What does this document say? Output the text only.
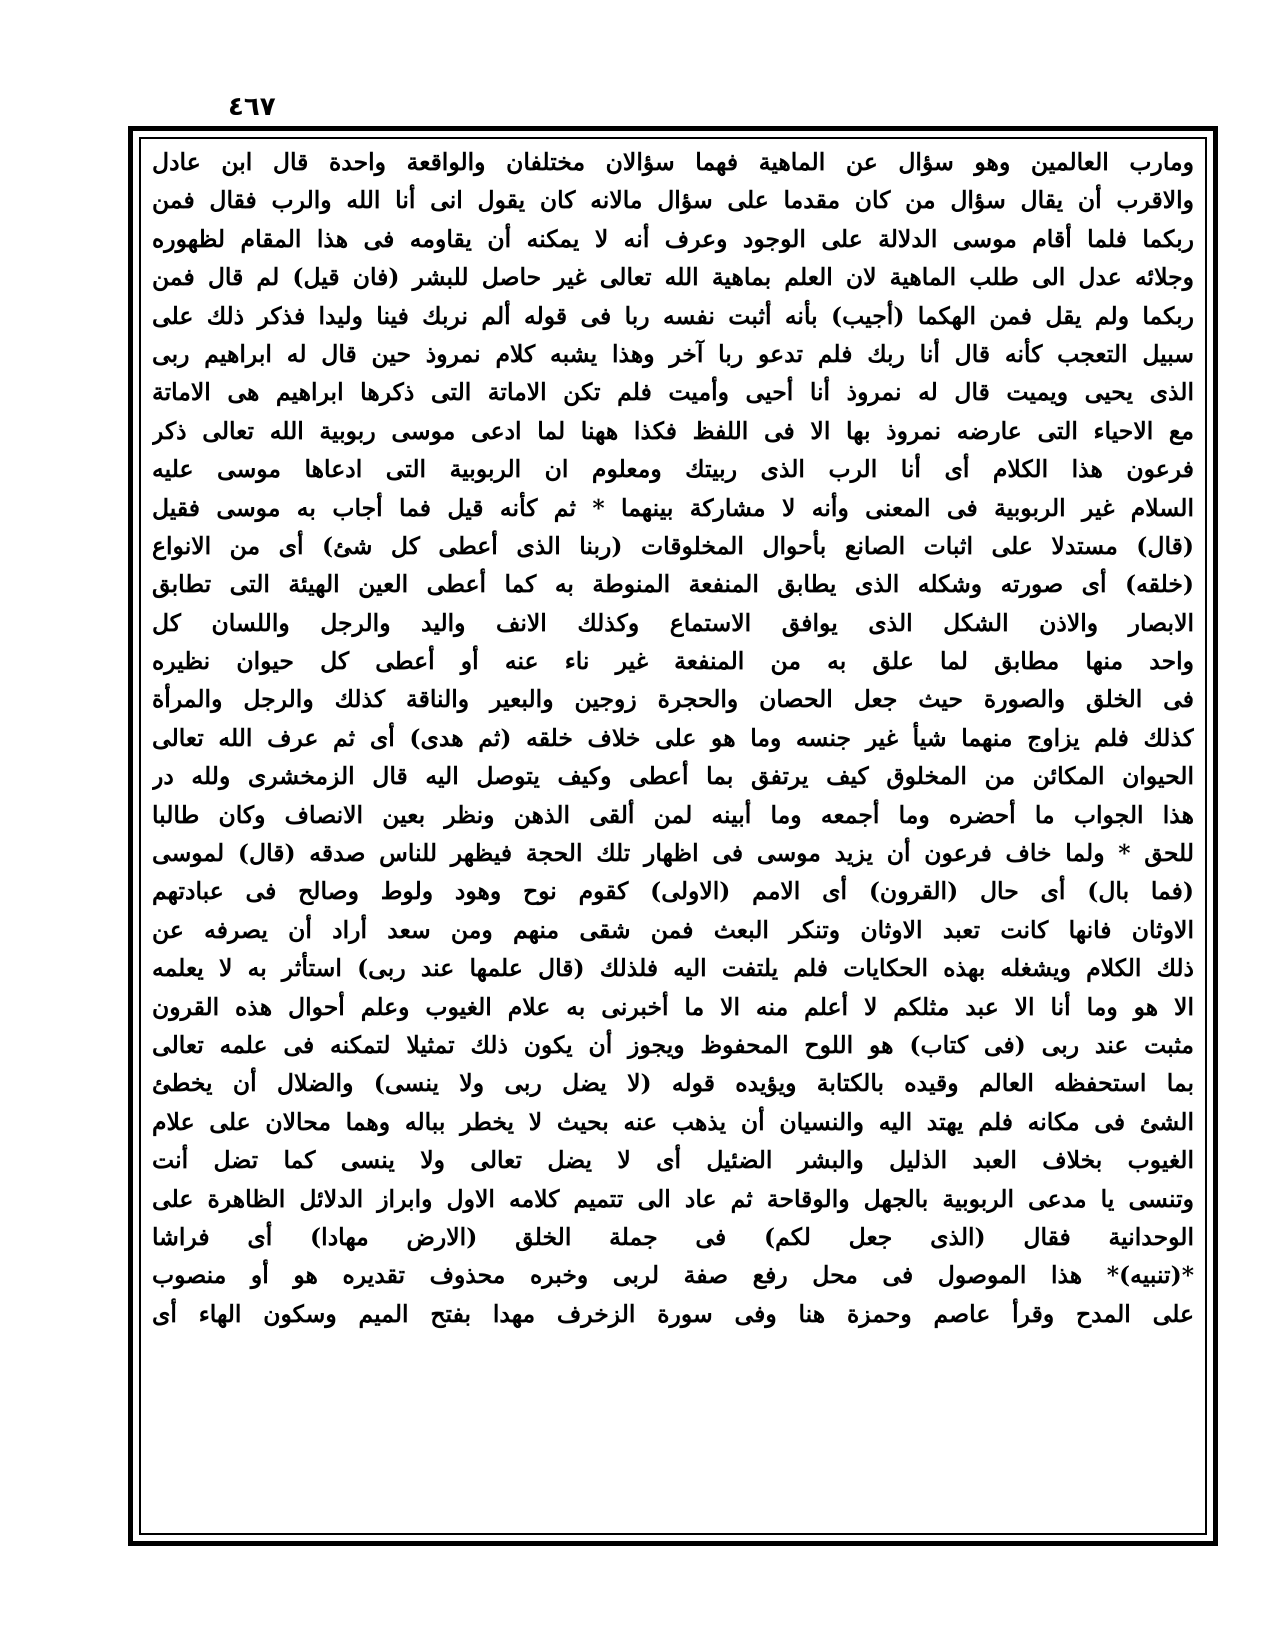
٤٦٧
ومارب العالمين وهو سؤال عن الماهية فهما سؤالان مختلفان والواقعة واحدة قال ابن عادل
والاقرب أن يقال سؤال من كان مقدما على سؤال مالانه كان يقول انى أنا الله والرب فقال فمن
ربكما فلما أقام موسى الدلالة على الوجود وعرف أنه لا يمكنه أن يقاومه فى هذا المقام لظهوره
وجلائه عدل الى طلب الماهية لان العلم بماهية الله تعالى غير حاصل للبشر (فان قيل) لم قال فمن
ربكما ولم يقل فمن الهكما (أجيب) بأنه أثبت نفسه ربا فى قوله ألم نربك فينا وليدا فذكر ذلك على
سبيل التعجب كأنه قال أنا ربك فلم تدعو ربا آخر وهذا يشبه كلام نمروذ حين قال له ابراهيم ربى
الذى يحيى ويميت قال له نمروذ أنا أحيى وأميت فلم تكن الاماتة التى ذكرها ابراهيم هى الاماتة
مع الاحياء التى عارضه نمروذ بها الا فى اللفظ فكذا ههنا لما ادعى موسى ربوبية الله تعالى ذكر
فرعون هذا الكلام أى أنا الرب الذى ربيتك ومعلوم ان الربوبية التى ادعاها موسى عليه
السلام غير الربوبية فى المعنى وأنه لا مشاركة بينهما * ثم كأنه قيل فما أجاب به موسى فقيل
(قال) مستدلا على اثبات الصانع بأحوال المخلوقات (ربنا الذى أعطى كل شئ) أى من الانواع
(خلقه) أى صورته وشكله الذى يطابق المنفعة المنوطة به كما أعطى العين الهيئة التى تطابق
الابصار والاذن الشكل الذى يوافق الاستماع وكذلك الانف واليد والرجل واللسان كل
واحد منها مطابق لما علق به من المنفعة غير ناء عنه أو أعطى كل حيوان نظيره
فى الخلق والصورة حيث جعل الحصان والحجرة زوجين والبعير والناقة كذلك والرجل والمرأة
كذلك فلم يزاوج منهما شيأ غير جنسه وما هو على خلاف خلقه (ثم هدى) أى ثم عرف الله تعالى
الحيوان المكائن من المخلوق كيف يرتفق بما أعطى وكيف يتوصل اليه قال الزمخشرى ولله در
هذا الجواب ما أحضره وما أجمعه وما أبينه لمن ألقى الذهن ونظر بعين الانصاف وكان طالبا
للحق * ولما خاف فرعون أن يزيد موسى فى اظهار تلك الحجة فيظهر للناس صدقه (قال) لموسى
(فما بال) أى حال (القرون) أى الامم (الاولى) كقوم نوح وهود ولوط وصالح فى عبادتهم
الاوثان فانها كانت تعبد الاوثان وتنكر البعث فمن شقى منهم ومن سعد أراد أن يصرفه عن
ذلك الكلام ويشغله بهذه الحكايات فلم يلتفت اليه فلذلك (قال علمها عند ربى) استأثر به لا يعلمه
الا هو وما أنا الا عبد مثلكم لا أعلم منه الا ما أخبرنى به علام الغيوب وعلم أحوال هذه القرون
مثبت عند ربى (فى كتاب) هو اللوح المحفوظ ويجوز أن يكون ذلك تمثيلا لتمكنه فى علمه تعالى
بما استحفظه العالم وقيده بالكتابة ويؤيده قوله (لا يضل ربى ولا ينسى) والضلال أن يخطئ
الشئ فى مكانه فلم يهتد اليه والنسيان أن يذهب عنه بحيث لا يخطر بباله وهما محالان على علام
الغيوب بخلاف العبد الذليل والبشر الضئيل أى لا يضل تعالى ولا ينسى كما تضل أنت
وتنسى يا مدعى الربوبية بالجهل والوقاحة ثم عاد الى تتميم كلامه الاول وابراز الدلائل الظاهرة على
الوحدانية فقال (الذى جعل لكم) فى جملة الخلق (الارض مهادا) أى فراشا
*(تنبيه)* هذا الموصول فى محل رفع صفة لربى وخبره محذوف تقديره هو أو منصوب
على المدح وقرأ عاصم وحمزة هنا وفى سورة الزخرف مهدا بفتح الميم وسكون الهاء أى
